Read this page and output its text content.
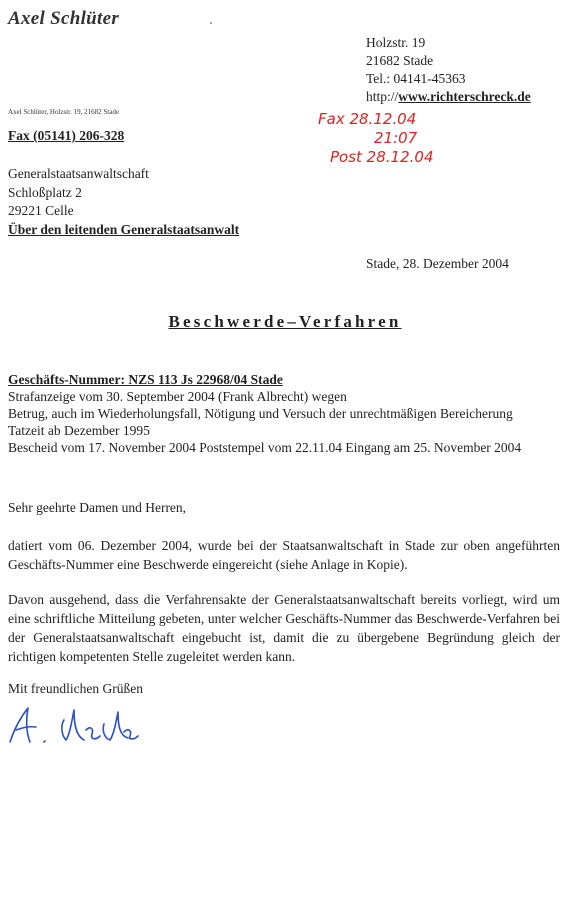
Axel Schlüter
Holzstr. 19
21682 Stade
Tel.: 04141-45363
http://www.richterschreck.de
Axel Schlüter, Holzstr. 19, 21682 Stade
Fax (05141) 206-328
Fax 28.12.04
21:07
Post 28.12.04
Generalstaatsanwaltschaft
Schloßplatz 2
29221 Celle
Über den leitenden Generalstaatsanwalt
Stade, 28. Dezember 2004
Beschwerde–Verfahren
Geschäfts-Nummer: NZS 113 Js 22968/04 Stade
Strafanzeige vom 30. September 2004 (Frank Albrecht) wegen
Betrug, auch im Wiederholungsfall, Nötigung und Versuch der unrechtmäßigen Bereicherung
Tatzeit ab Dezember 1995
Bescheid vom 17. November 2004 Poststempel vom 22.11.04 Eingang am 25. November 2004
Sehr geehrte Damen und Herren,
datiert vom 06. Dezember 2004, wurde bei der Staatsanwaltschaft in Stade zur oben angeführten Geschäfts-Nummer eine Beschwerde eingereicht (siehe Anlage in Kopie).
Davon ausgehend, dass die Verfahrensakte der Generalstaatsanwaltschaft bereits vorliegt, wird um eine schriftliche Mitteilung gebeten, unter welcher Geschäfts-Nummer das Beschwerde-Verfahren bei der Generalstaatsanwaltschaft eingebucht ist, damit die zu übergebene Begründung gleich der richtigen kompetenten Stelle zugeleitet werden kann.
Mit freundlichen Grüßen
